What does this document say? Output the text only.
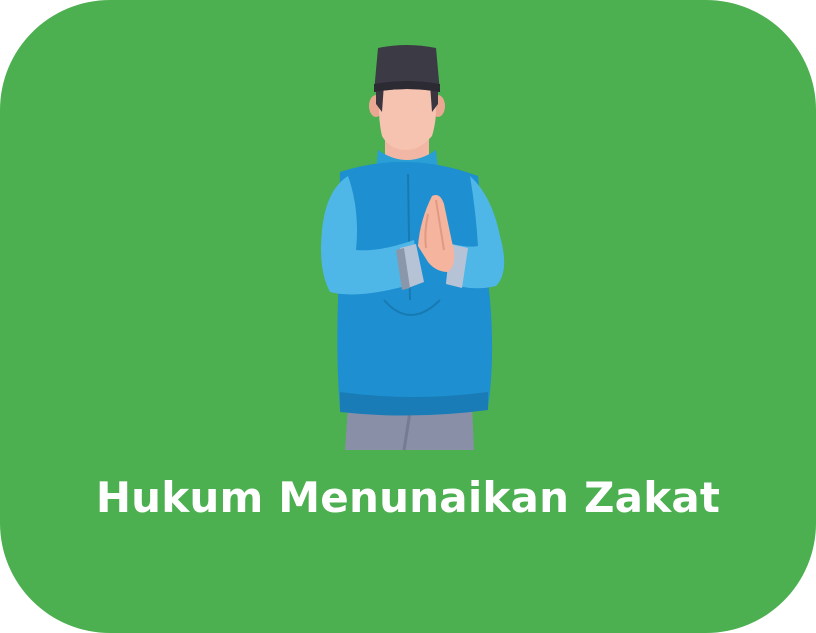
Hukum Menunaikan Zakat
